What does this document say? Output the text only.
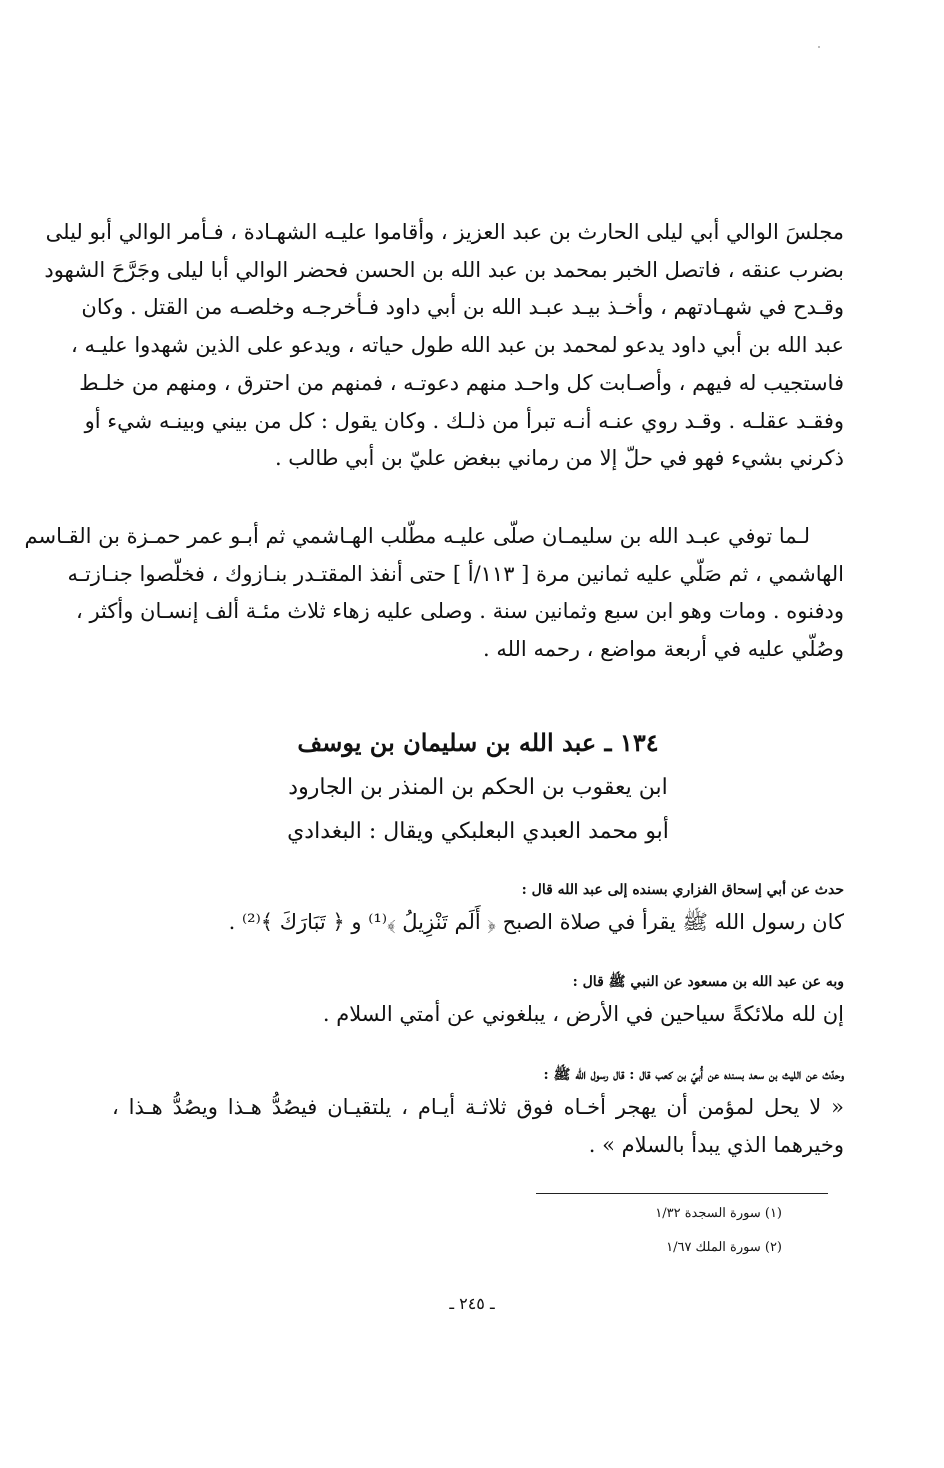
مجلسَ الوالي أبي ليلى الحارث بن عبد العزيز ، وأقاموا عليـه الشهـادة ، فـأمر الوالي أبو ليلى
بضرب عنقه ، فاتصل الخبر بمحمد بن عبد الله بن الحسن فحضر الوالي أبا ليلى وجَرَّحَ الشهود
وقـدح في شهـادتهم ، وأخـذ بيـد عبـد الله بن أبي داود فـأخرجـه وخلصـه من القتل . وكان
عبد الله بن أبي داود يدعو لمحمد بن عبد الله طول حياته ، ويدعو على الذين شهدوا عليـه ،
فاستجيب له فيهم ، وأصـابت كل واحـد منهم دعوتـه ، فمنهم من احترق ، ومنهم من خلـط
وفقـد عقلـه . وقـد روي عنـه أنـه تبرأ من ذلـك . وكان يقول : كل من بيني وبينـه شيء أو
ذكرني بشيء فهو في حلّ إلا من رماني ببغض عليّ بن أبي طالب .
لـما توفي عبـد الله بن سليمـان صلّى عليـه مطّلب الهـاشمي ثم أبـو عمر حمـزة بن القـاسم
الهاشمي ، ثم صَلّي عليه ثمانين مرة [ ١١٣/أ ] حتى أنفذ المقتـدر بنـازوك ، فخلّصوا جنـازتـه
ودفنوه . ومات وهو ابن سبع وثمانين سنة . وصلى عليه زهاء ثلاث مئـة ألف إنسـان وأكثر ،
وصُلّي عليه في أربعة مواضع ، رحمه الله .
١٣٤ ـ عبد الله بن سليمان بن يوسف
ابن يعقوب بن الحكم بن المنذر بن الجارود
أبو محمد العبدي البعلبكي ويقال : البغدادي
حدث عن أبي إسحاق الفزاري بسنده إلى عبد الله قال :
كان رسول الله ﷺ يقرأ في صلاة الصبح ﴿ أَلَم تَنْزِيلُ ﴾⁽¹⁾ و ﴿ تَبَارَكَ ﴾⁽²⁾ .
وبه عن عبد الله بن مسعود عن النبي ﷺ قال :
إن لله ملائكةً سياحين في الأرض ، يبلغوني عن أمتي السلام .
وحدّث عن الليث بن سعد بسنده عن أُبيّ بن كعب قال : قال رسول الله ﷺ :
« لا يحل لمؤمن أن يهجر أخـاه فوق ثلاثـة أيـام ، يلتقيـان فيصُدُّ هـذا ويصُدُّ هـذا ،
وخيرهما الذي يبدأ بالسلام » .
(١) سورة السجدة ١/٣٢
(٢) سورة الملك ١/٦٧
ـ ٢٤٥ ـ
